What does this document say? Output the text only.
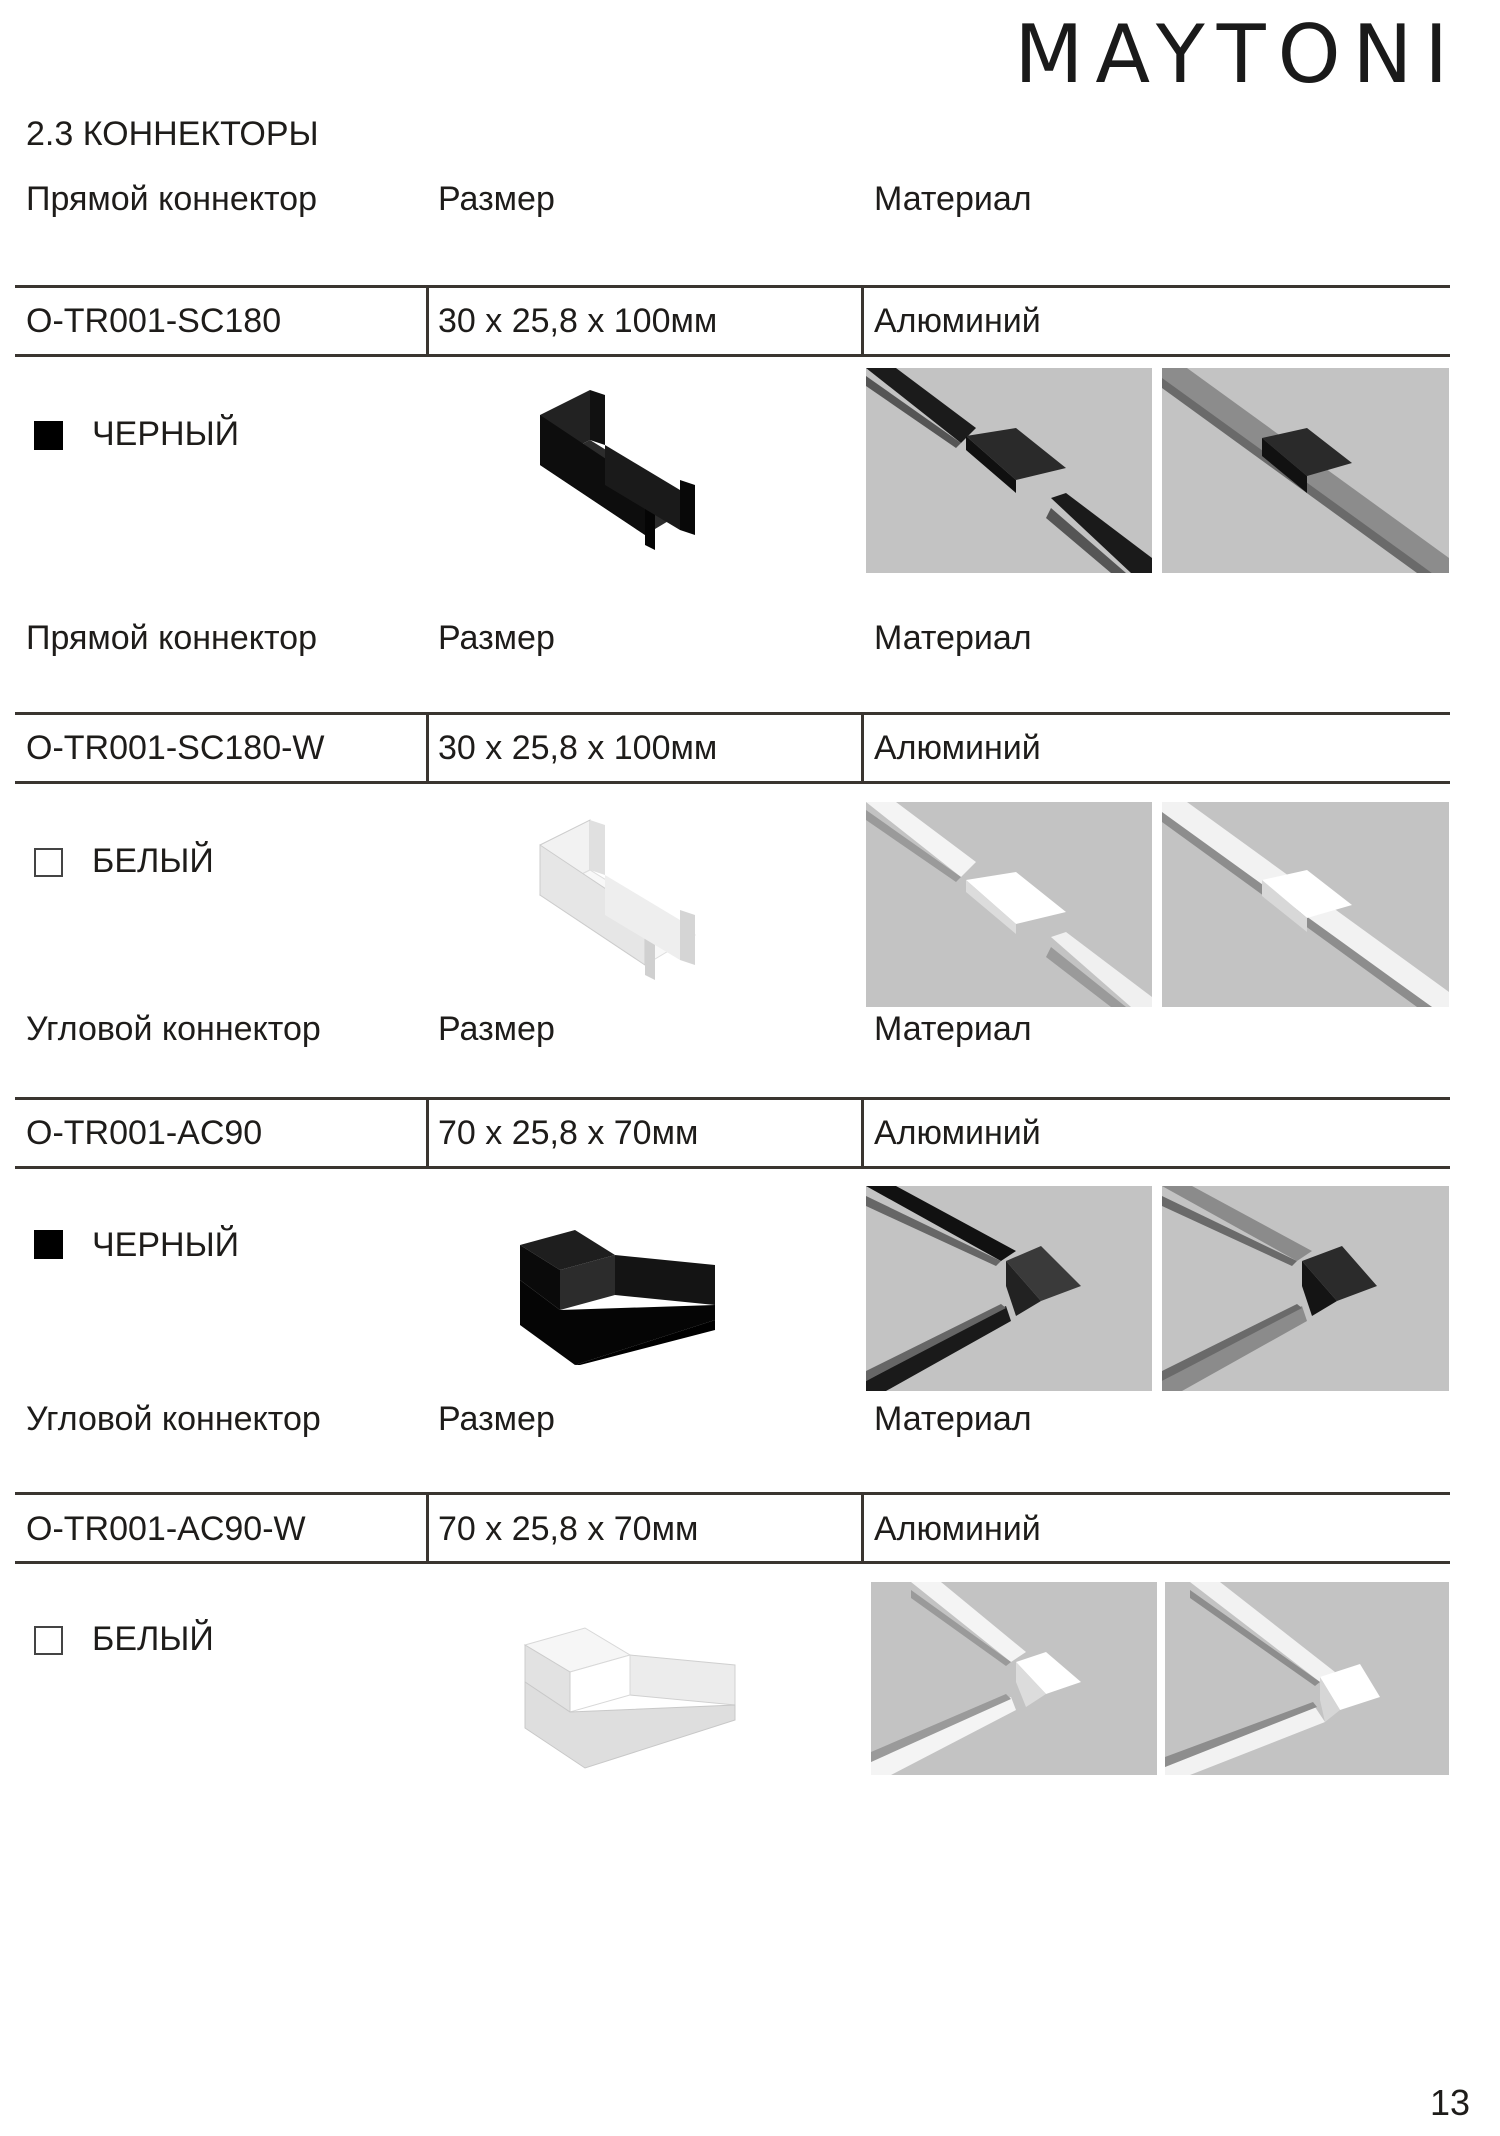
MAYTONI
2.3 КОННЕКТОРЫ
Прямой коннектор	Размер	Материал
O-TR001-SC180	30 x 25,8 x 100мм	Алюминий
ЧЕРНЫЙ
Прямой коннектор	Размер	Материал
O-TR001-SC180-W	30 x 25,8 x 100мм	Алюминий
БЕЛЫЙ
Угловой коннектор	Размер	Материал
O-TR001-AC90	70 x 25,8 x 70мм	Алюминий
ЧЕРНЫЙ
Угловой коннектор	Размер	Материал
O-TR001-AC90-W	70 x 25,8 x 70мм	Алюминий
БЕЛЫЙ
13
